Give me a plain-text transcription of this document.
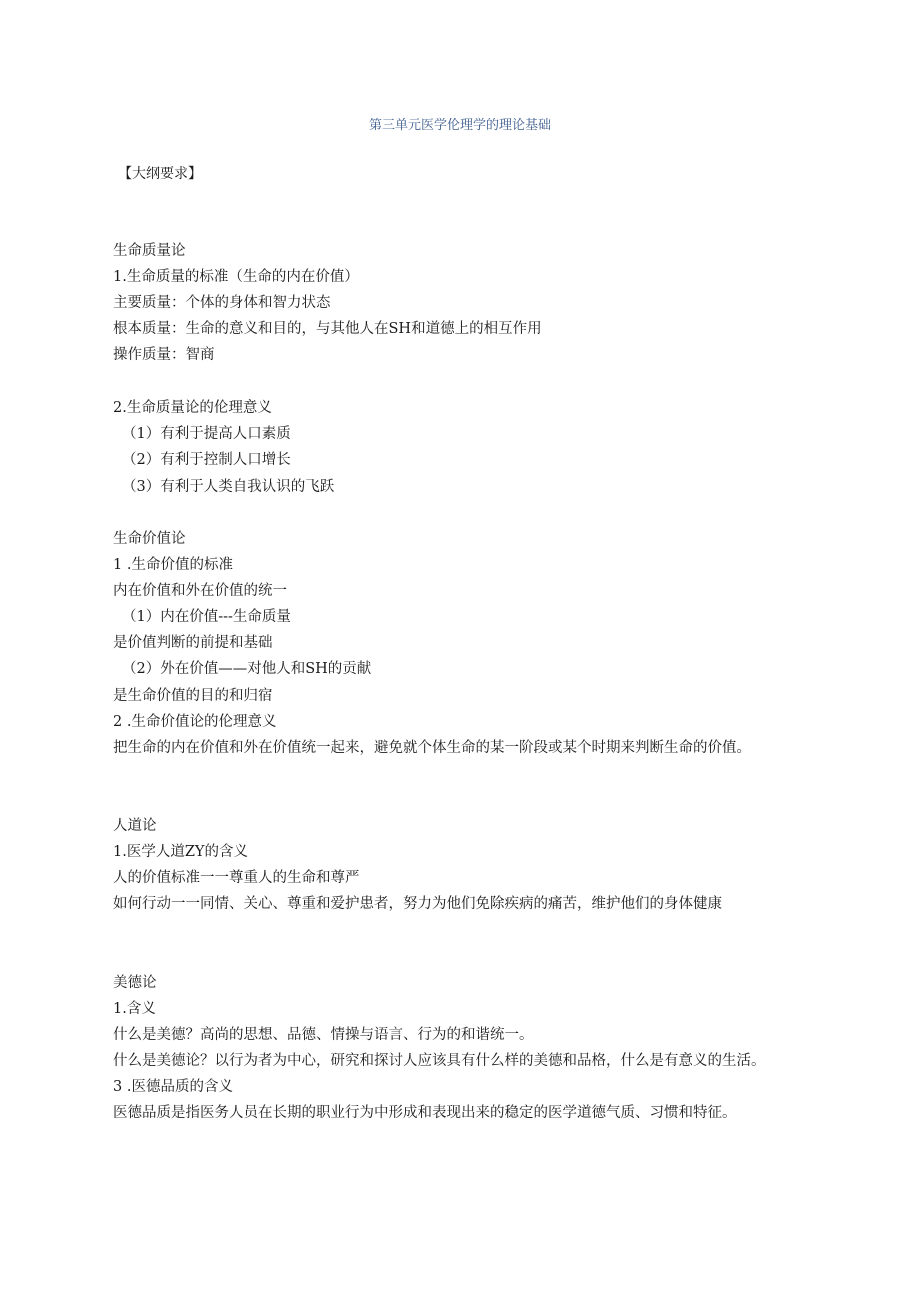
第三单元医学伦理学的理论基础
【大纲要求】
生命质量论
1.生命质量的标准（生命的内在价值）
主要质量：个体的身体和智力状态
根本质量：生命的意义和目的，与其他人在SH和道德上的相互作用
操作质量：智商
2.生命质量论的伦理意义
（1）有利于提高人口素质
（2）有利于控制人口增长
（3）有利于人类自我认识的飞跃
生命价值论
1 .生命价值的标准
内在价值和外在价值的统一
（1）内在价值---生命质量
是价值判断的前提和基础
（2）外在价值——对他人和SH的贡献
是生命价值的目的和归宿
2 .生命价值论的伦理意义
把生命的内在价值和外在价值统一起来，避免就个体生命的某一阶段或某个时期来判断生命的价值。
人道论
1.医学人道ZY的含义
人的价值标准一一尊重人的生命和尊严
如何行动一一同情、关心、尊重和爱护患者，努力为他们免除疾病的痛苦，维护他们的身体健康
美德论
1.含义
什么是美德？高尚的思想、品德、情操与语言、行为的和谐统一。
什么是美德论？以行为者为中心，研究和探讨人应该具有什么样的美德和品格，什么是有意义的生活。
3 .医德品质的含义
医德品质是指医务人员在长期的职业行为中形成和表现出来的稳定的医学道德气质、习惯和特征。
